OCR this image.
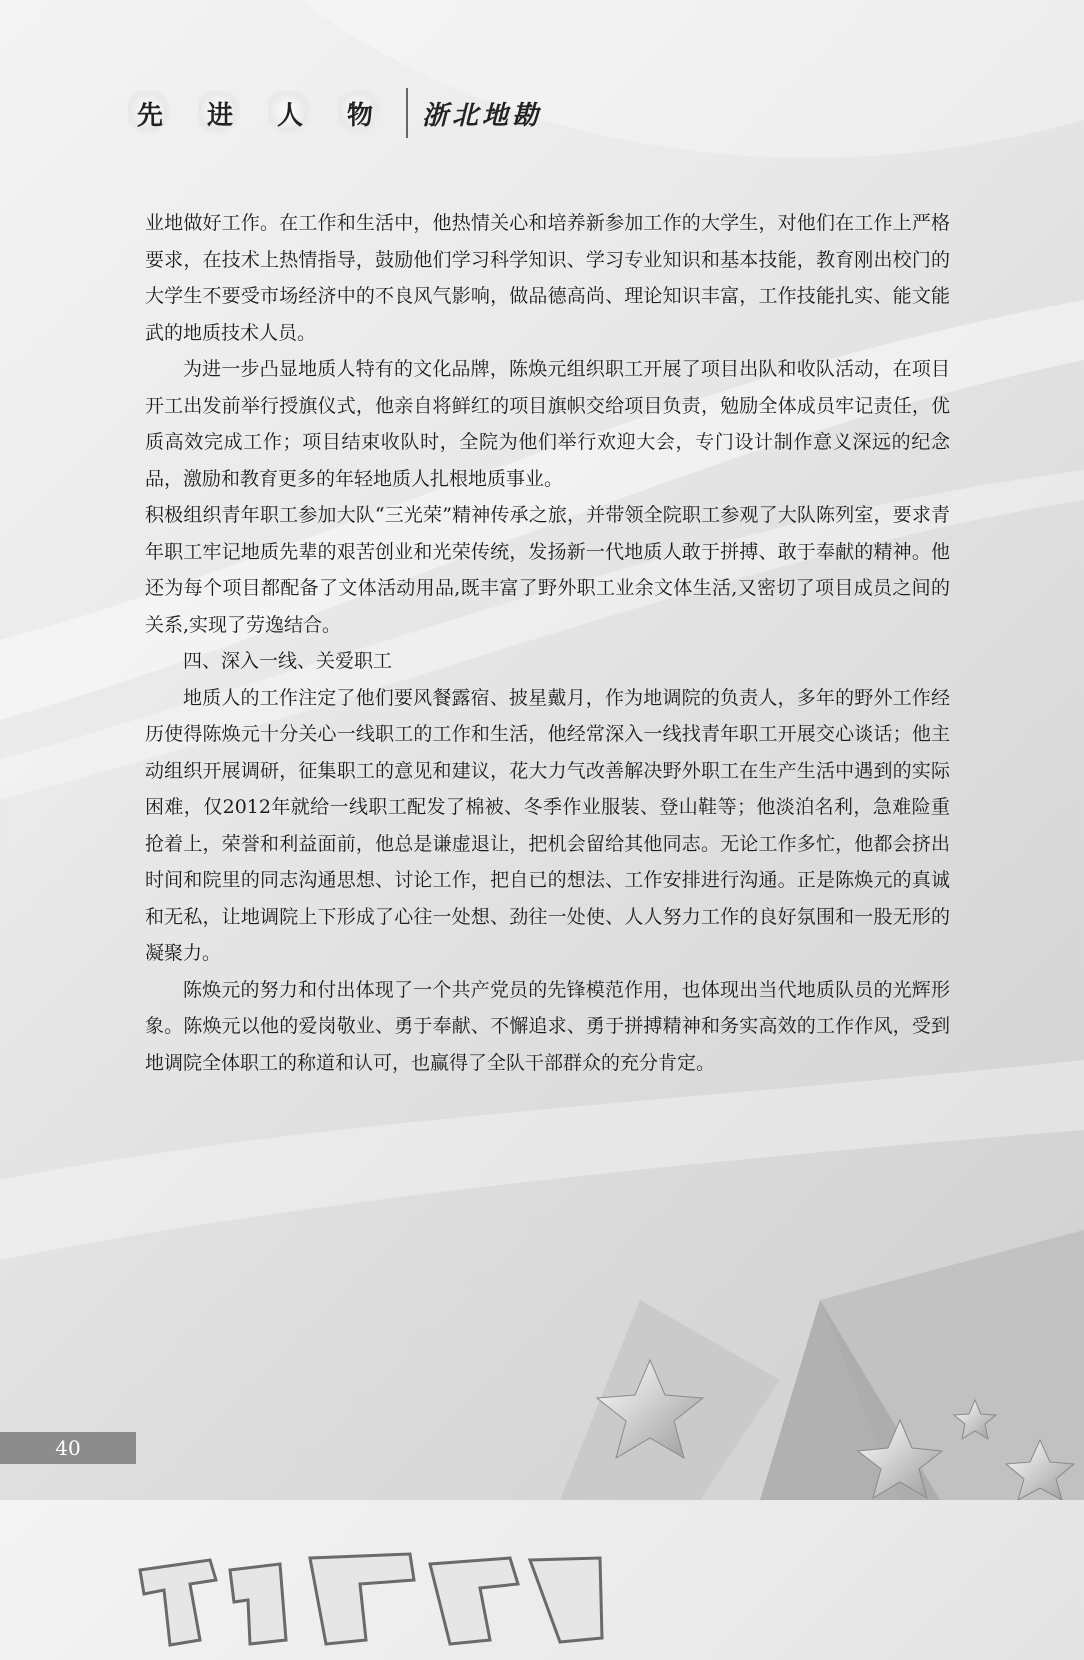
先	进	人	物	浙北地勘

业地做好工作。在工作和生活中，他热情关心和培养新参加工作的大学生，对他们在工作上严格要求，在技术上热情指导，鼓励他们学习科学知识、学习专业知识和基本技能，教育刚出校门的大学生不要受市场经济中的不良风气影响，做品德高尚、理论知识丰富，工作技能扎实、能文能武的地质技术人员。

为进一步凸显地质人特有的文化品牌，陈焕元组织职工开展了项目出队和收队活动，在项目开工出发前举行授旗仪式，他亲自将鲜红的项目旗帜交给项目负责，勉励全体成员牢记责任，优质高效完成工作；项目结束收队时，全院为他们举行欢迎大会，专门设计制作意义深远的纪念品，激励和教育更多的年轻地质人扎根地质事业。

积极组织青年职工参加大队“三光荣”精神传承之旅，并带领全院职工参观了大队陈列室，要求青年职工牢记地质先辈的艰苦创业和光荣传统，发扬新一代地质人敢于拼搏、敢于奉献的精神。他还为每个项目都配备了文体活动用品,既丰富了野外职工业余文体生活,又密切了项目成员之间的关系,实现了劳逸结合。

四、深入一线、关爱职工

地质人的工作注定了他们要风餐露宿、披星戴月，作为地调院的负责人，多年的野外工作经历使得陈焕元十分关心一线职工的工作和生活，他经常深入一线找青年职工开展交心谈话；他主动组织开展调研，征集职工的意见和建议，花大力气改善解决野外职工在生产生活中遇到的实际困难，仅2012年就给一线职工配发了棉被、冬季作业服装、登山鞋等；他淡泊名利，急难险重抢着上，荣誉和利益面前，他总是谦虚退让，把机会留给其他同志。无论工作多忙，他都会挤出时间和院里的同志沟通思想、讨论工作，把自已的想法、工作安排进行沟通。正是陈焕元的真诚和无私，让地调院上下形成了心往一处想、劲往一处使、人人努力工作的良好氛围和一股无形的凝聚力。

陈焕元的努力和付出体现了一个共产党员的先锋模范作用，也体现出当代地质队员的光辉形象。陈焕元以他的爱岗敬业、勇于奉献、不懈追求、勇于拼搏精神和务实高效的工作作风，受到地调院全体职工的称道和认可，也赢得了全队干部群众的充分肯定。

40
